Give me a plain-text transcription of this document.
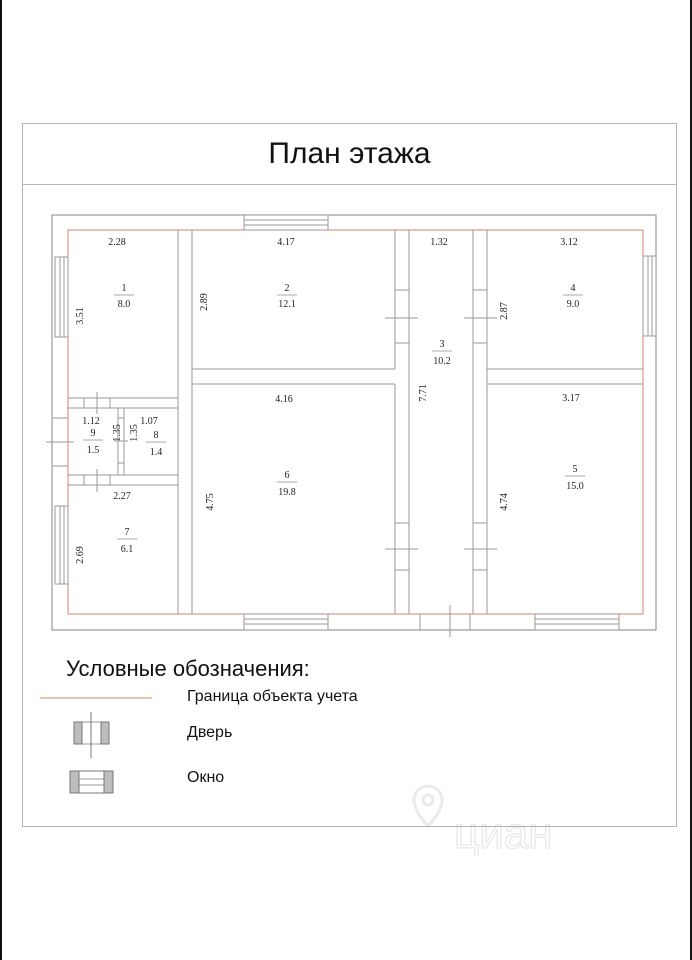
План этажа
1
8.0
2
12.1
3
10.2
4
9.0
5
15.0
6
19.8
7
6.1
8
1.4
9
1.5
2.28	4.17	1.32	3.12
3.51
2.89
2.87
7.71
4.16	3.17
1.12	1.07
1.35 1.35
4.75	4.74
2.27
2.69
Условные обозначения:
Граница объекта учета
Дверь
Окно
циан
